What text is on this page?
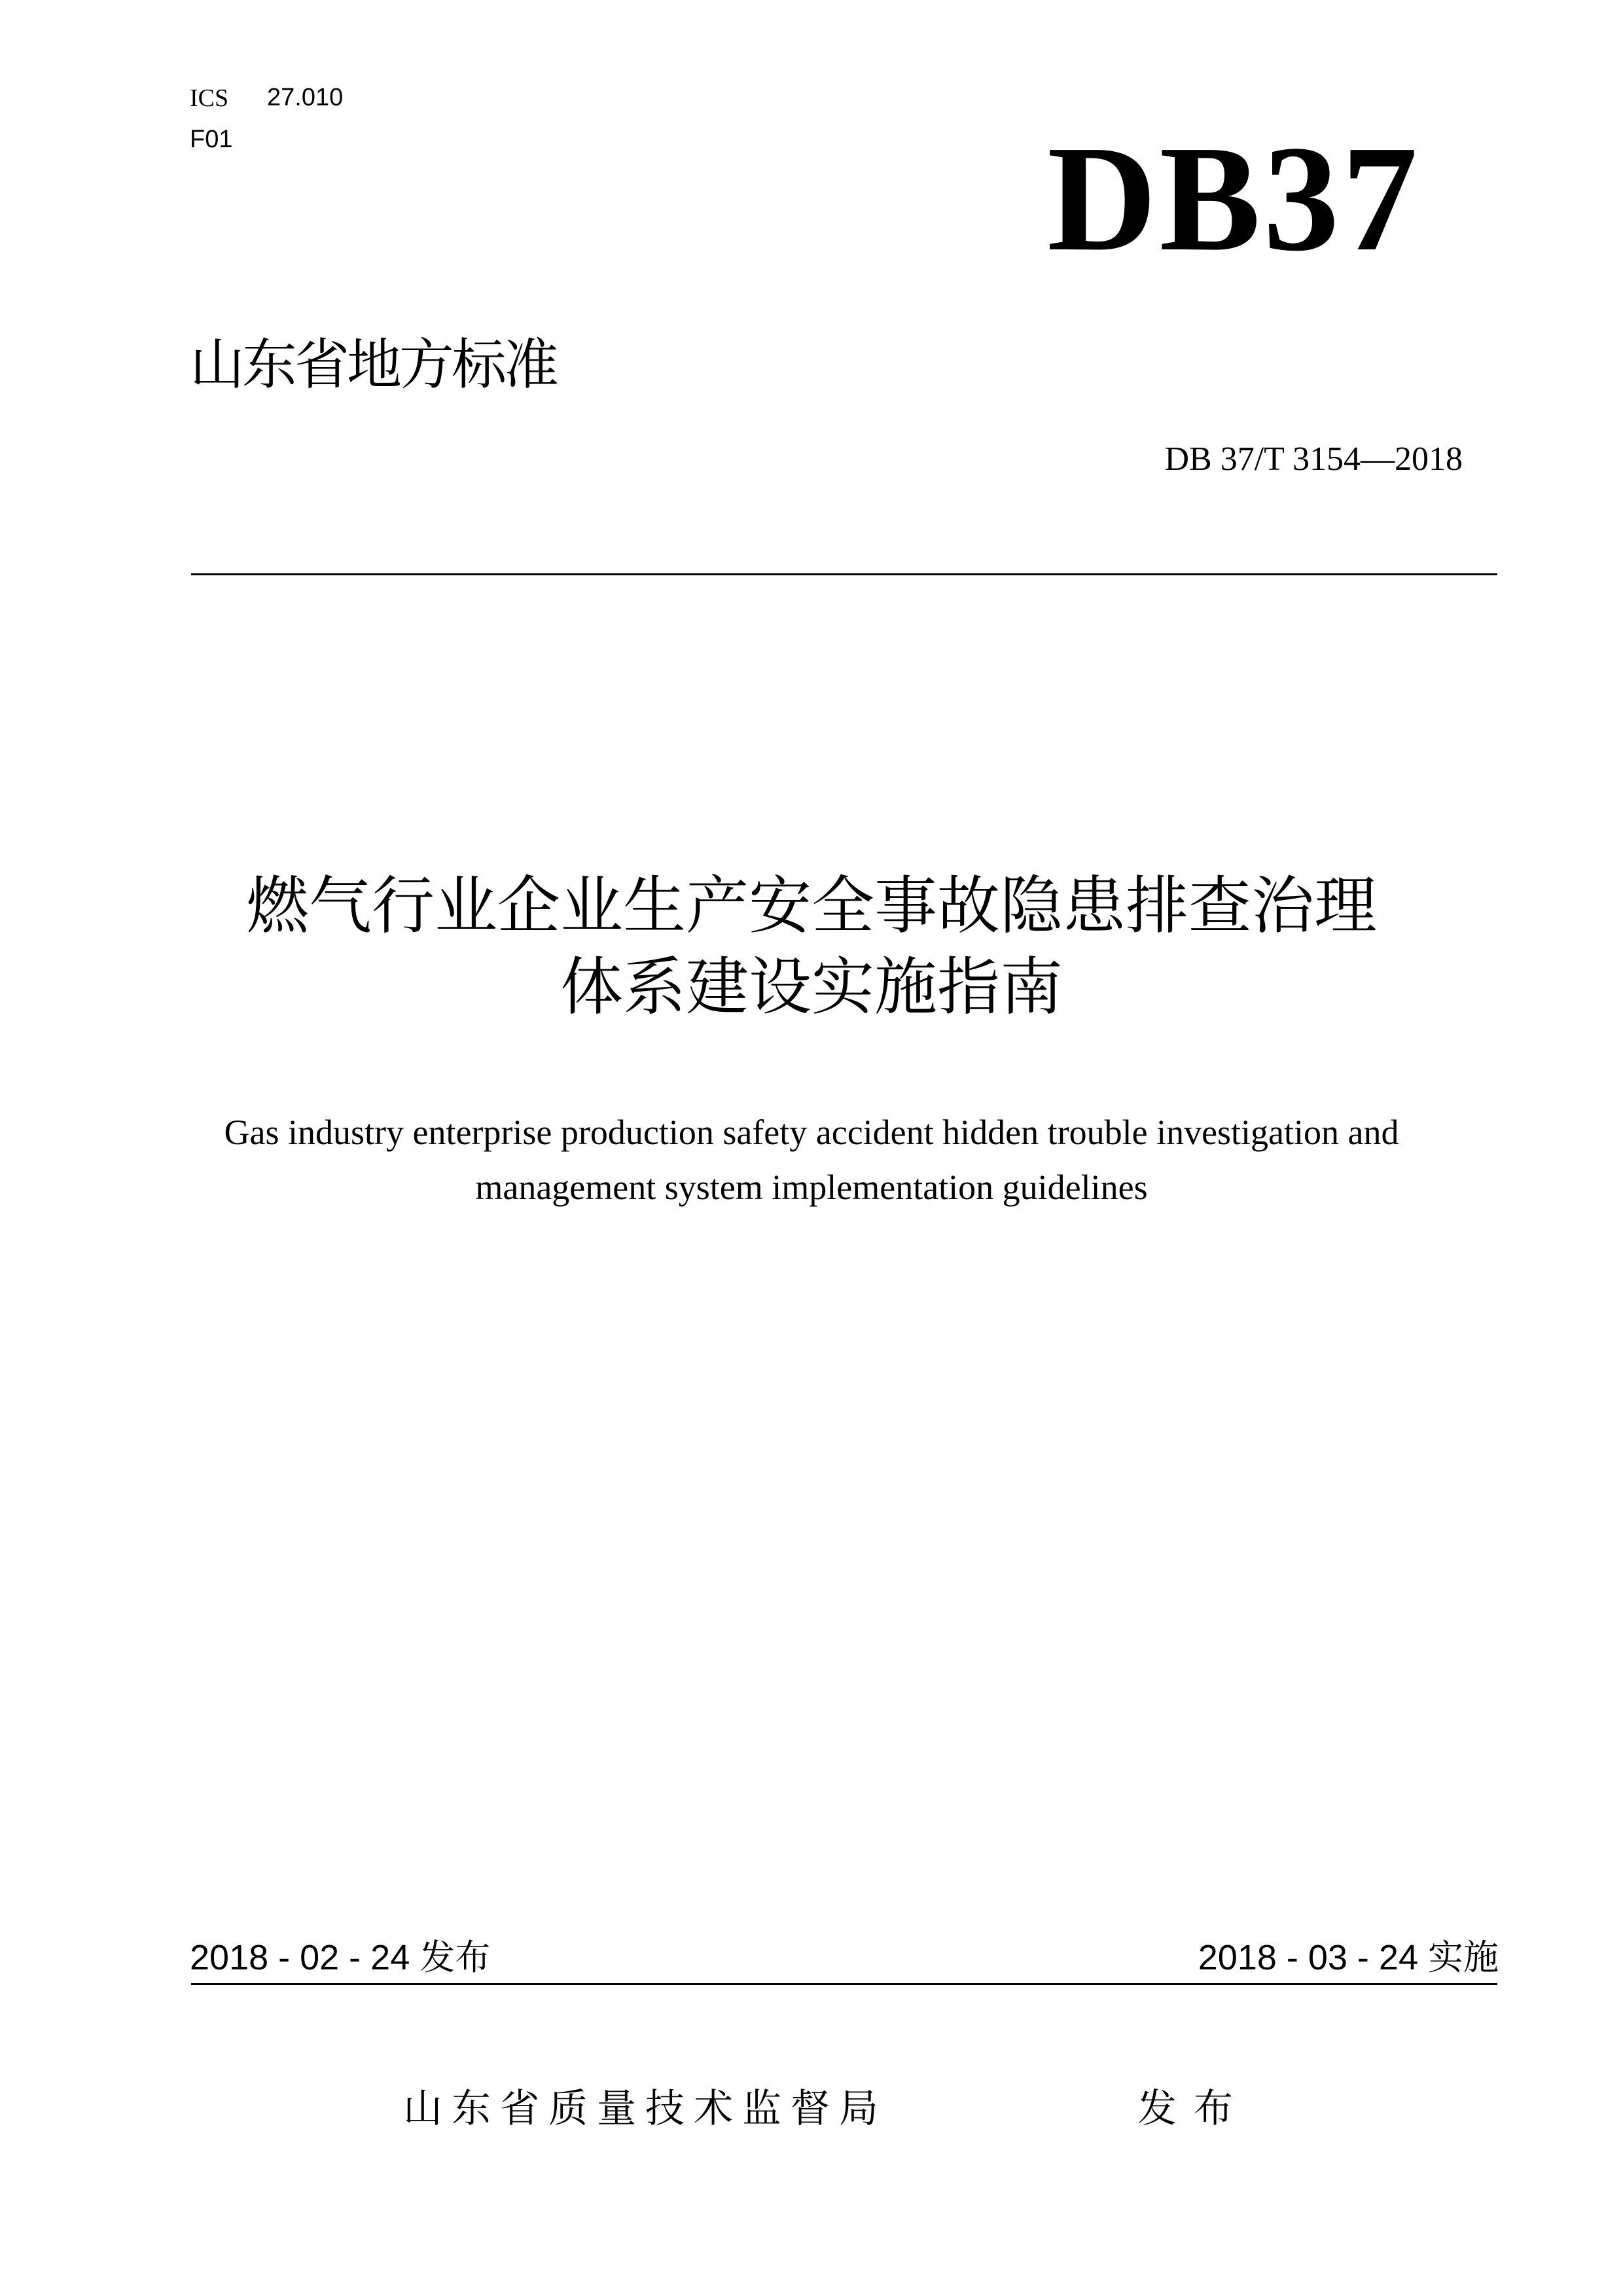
ICS 27.010
F01	DB37
山东省地方标准
DB 37/T 3154—2018
燃气行业企业生产安全事故隐患排查治理
体系建设实施指南
Gas industry enterprise production safety accident hidden trouble investigation and
management system implementation guidelines
2018 - 02 - 24 发布	2018 - 03 - 24 实施
山东省质量技术监督局	发布
